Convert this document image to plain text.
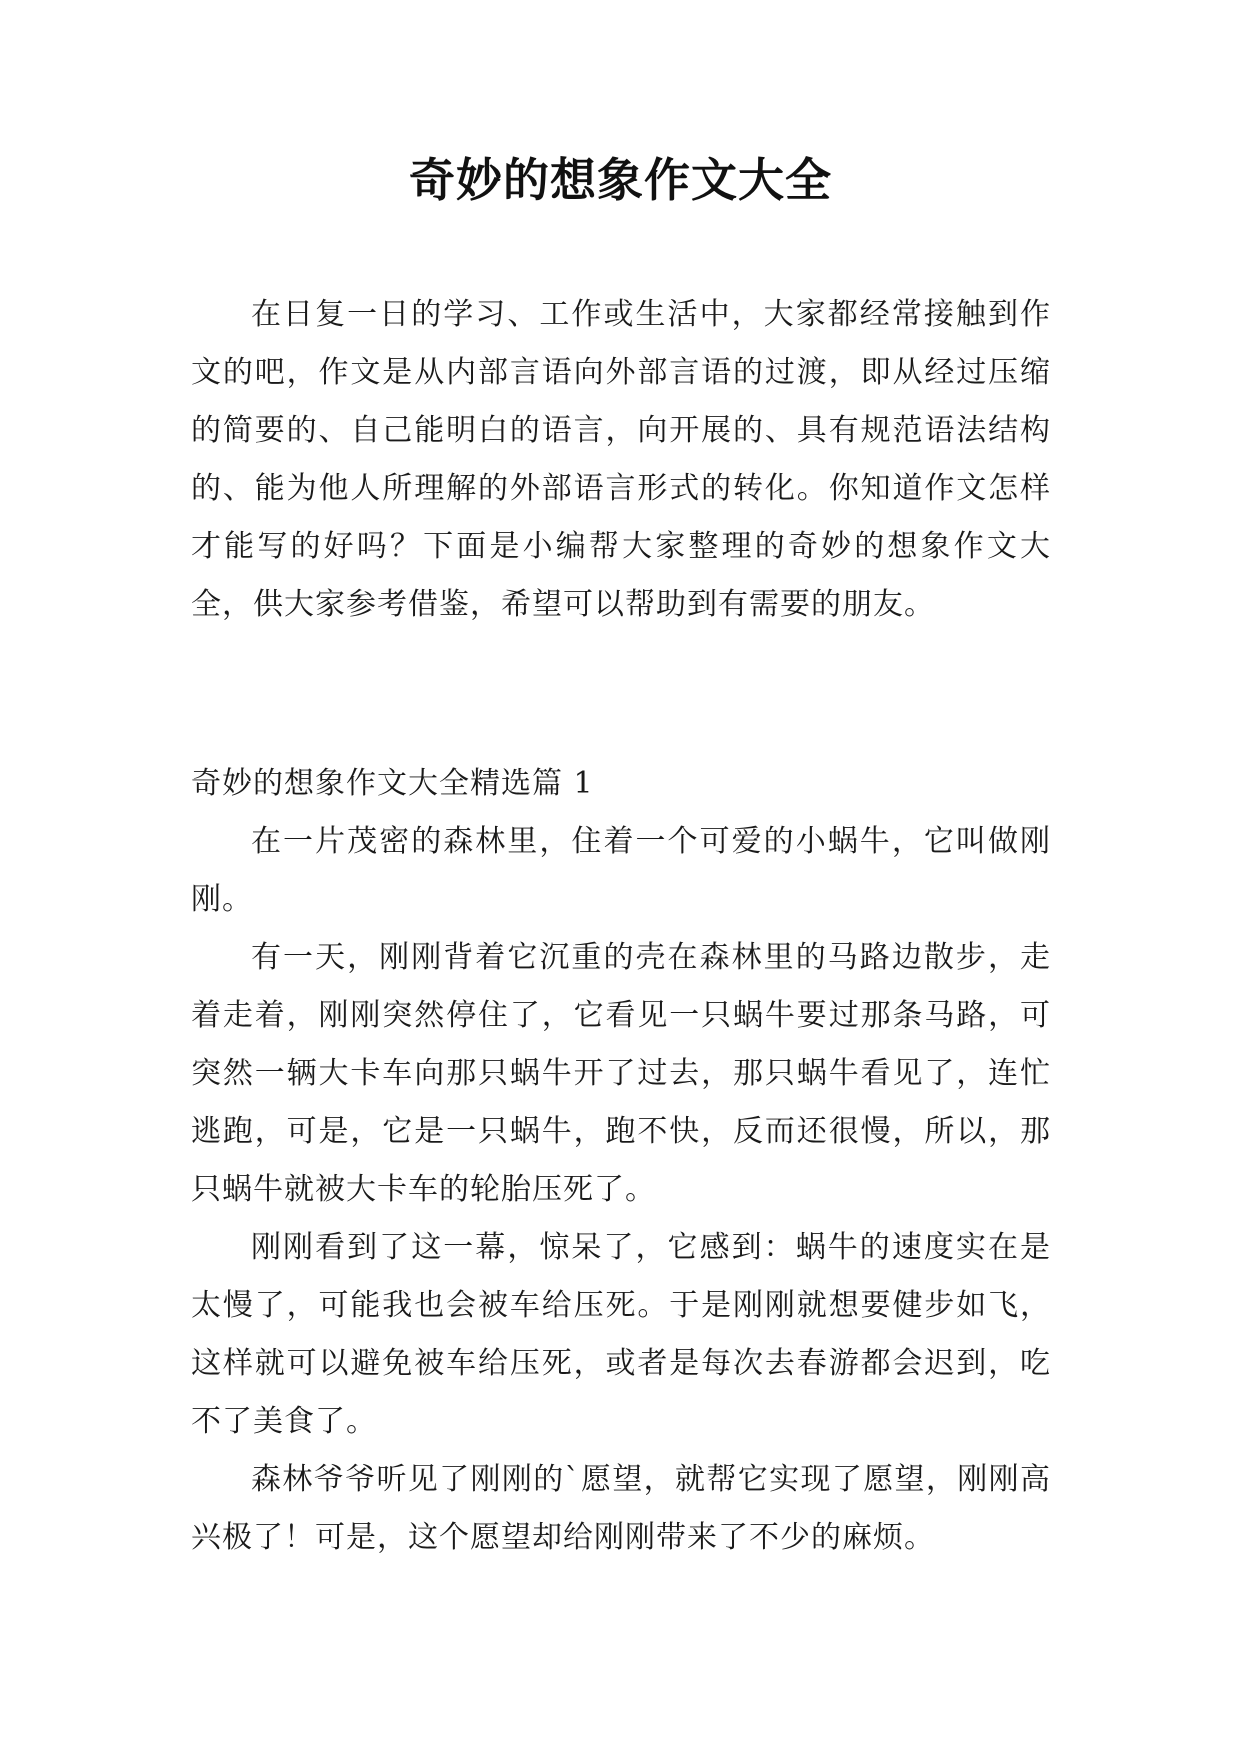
奇妙的想象作文大全

在日复一日的学习、工作或生活中，大家都经常接触到作文的吧，作文是从内部言语向外部言语的过渡，即从经过压缩的简要的、自己能明白的语言，向开展的、具有规范语法结构的、能为他人所理解的外部语言形式的转化。你知道作文怎样才能写的好吗？下面是小编帮大家整理的奇妙的想象作文大全，供大家参考借鉴，希望可以帮助到有需要的朋友。

奇妙的想象作文大全精选篇 1

在一片茂密的森林里，住着一个可爱的小蜗牛，它叫做刚刚。

有一天，刚刚背着它沉重的壳在森林里的马路边散步，走着走着，刚刚突然停住了，它看见一只蜗牛要过那条马路，可突然一辆大卡车向那只蜗牛开了过去，那只蜗牛看见了，连忙逃跑，可是，它是一只蜗牛，跑不快，反而还很慢，所以，那只蜗牛就被大卡车的轮胎压死了。

刚刚看到了这一幕，惊呆了，它感到：蜗牛的速度实在是太慢了，可能我也会被车给压死。于是刚刚就想要健步如飞，这样就可以避免被车给压死，或者是每次去春游都会迟到，吃不了美食了。

森林爷爷听见了刚刚的`愿望，就帮它实现了愿望，刚刚高兴极了！可是，这个愿望却给刚刚带来了不少的麻烦。
